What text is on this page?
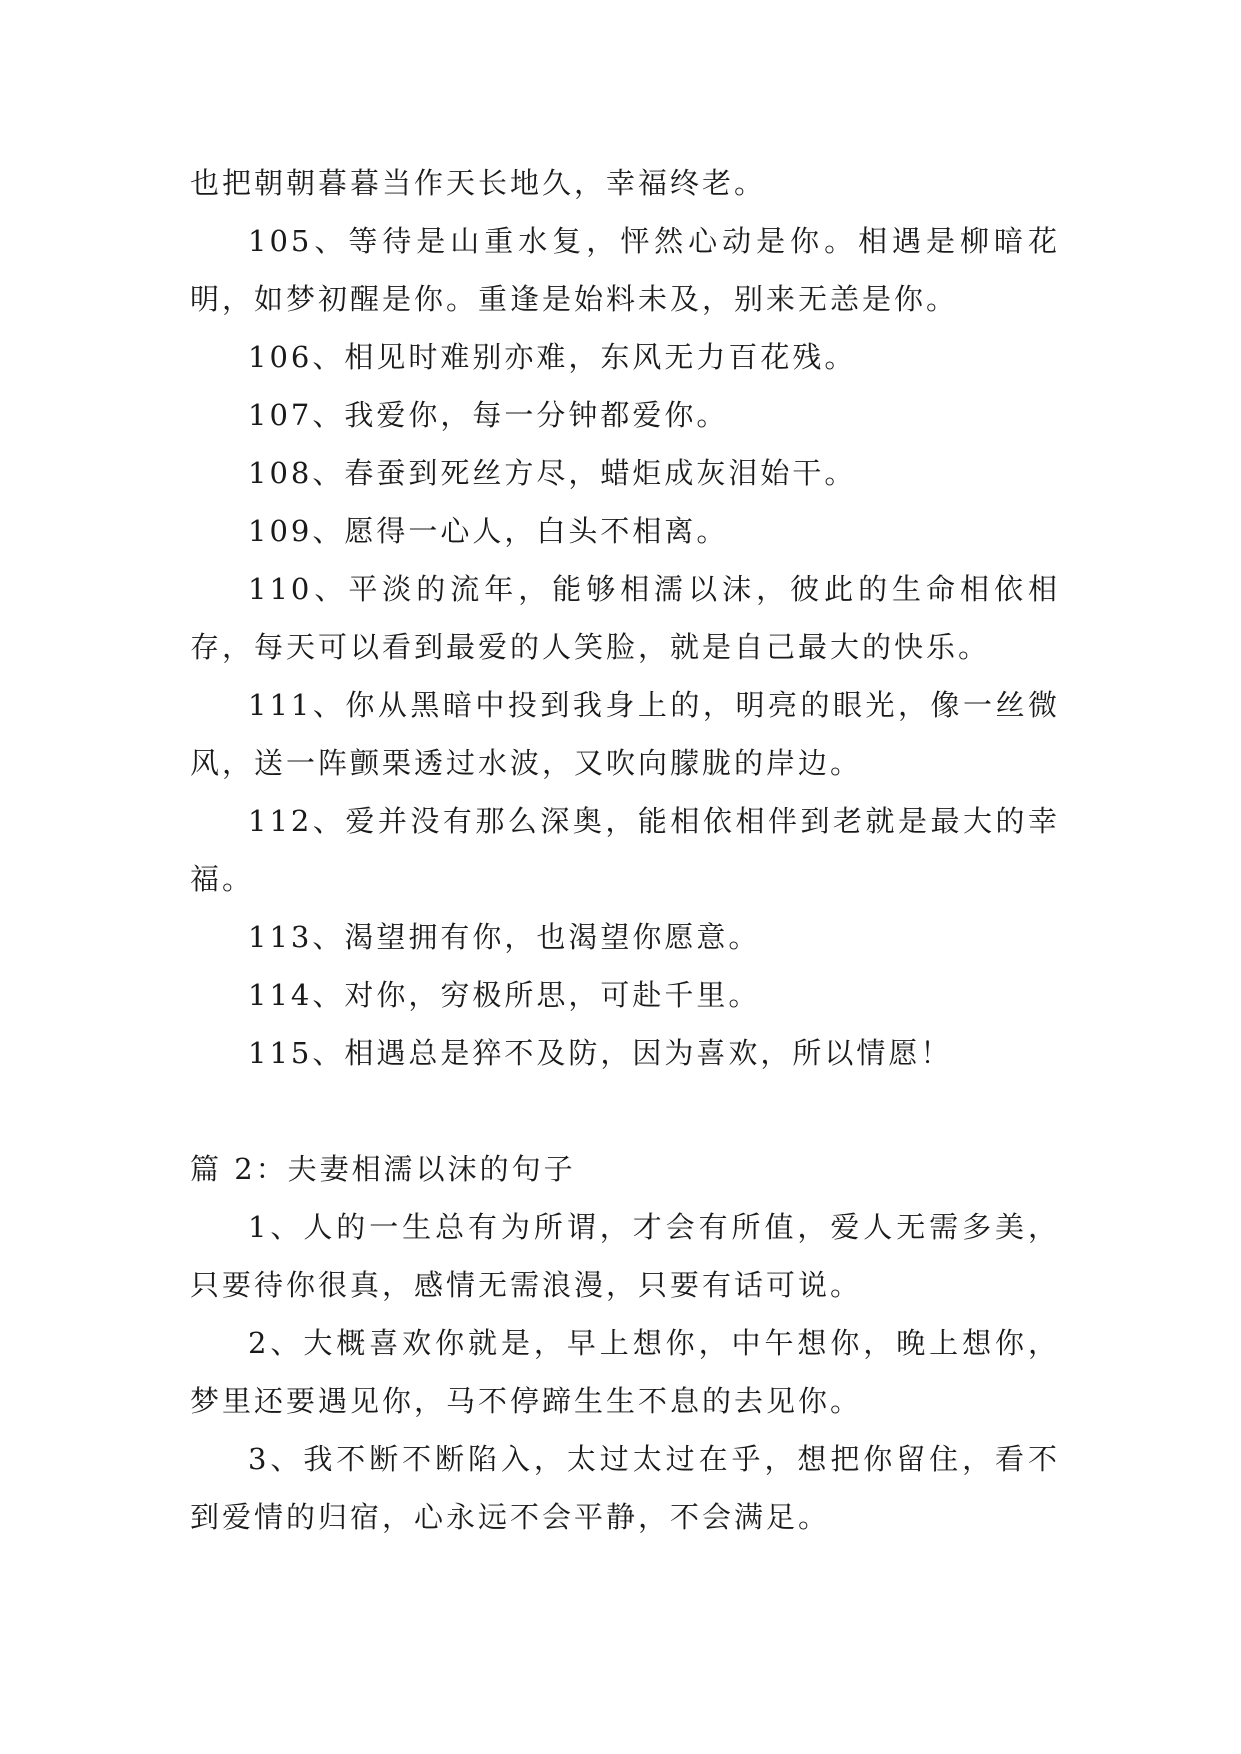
也把朝朝暮暮当作天长地久，幸福终老。

105、等待是山重水复，怦然心动是你。相遇是柳暗花明，如梦初醒是你。重逢是始料未及，别来无恙是你。

106、相见时难别亦难，东风无力百花残。

107、我爱你，每一分钟都爱你。

108、春蚕到死丝方尽，蜡炬成灰泪始干。

109、愿得一心人，白头不相离。

110、平淡的流年，能够相濡以沫，彼此的生命相依相存，每天可以看到最爱的人笑脸，就是自己最大的快乐。

111、你从黑暗中投到我身上的，明亮的眼光，像一丝微风，送一阵颤栗透过水波，又吹向朦胧的岸边。

112、爱并没有那么深奥，能相依相伴到老就是最大的幸福。

113、渴望拥有你，也渴望你愿意。

114、对你，穷极所思，可赴千里。

115、相遇总是猝不及防，因为喜欢，所以情愿！

篇 2：夫妻相濡以沫的句子

1、人的一生总有为所谓，才会有所值，爱人无需多美，只要待你很真，感情无需浪漫，只要有话可说。

2、大概喜欢你就是，早上想你，中午想你，晚上想你，梦里还要遇见你，马不停蹄生生不息的去见你。

3、我不断不断陷入，太过太过在乎，想把你留住，看不到爱情的归宿，心永远不会平静，不会满足。
